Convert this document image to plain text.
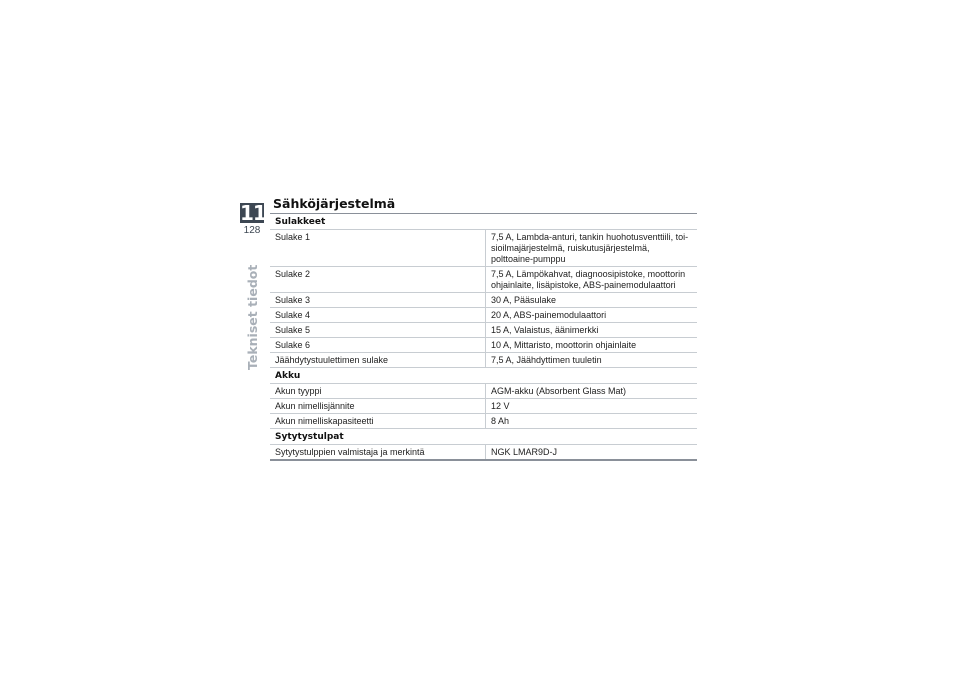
11
128
Tekniset tiedot
Sähköjärjestelmä
Sulakkeet	
Sulake 1	7,5 A, Lambda-anturi, tankin huohotusventtiili, toi-sioilmajärjestelmä, ruiskutusjärjestelmä, polttoaine-pumppu
Sulake 2	7,5 A, Lämpökahvat, diagnoosipistoke, moottorin ohjainlaite, lisäpistoke, ABS-painemodulaattori
Sulake 3	30 A, Pääsulake
Sulake 4	20 A, ABS-painemodulaattori
Sulake 5	15 A, Valaistus, äänimerkki
Sulake 6	10 A, Mittaristo, moottorin ohjainlaite
Jäähdytystuulettimen sulake	7,5 A, Jäähdyttimen tuuletin
Akku	
Akun tyyppi	AGM-akku (Absorbent Glass Mat)
Akun nimellisjännite	12 V
Akun nimelliskapasiteetti	8 Ah
Sytytystulpat	
Sytytystulppien valmistaja ja merkintä	NGK LMAR9D-J
